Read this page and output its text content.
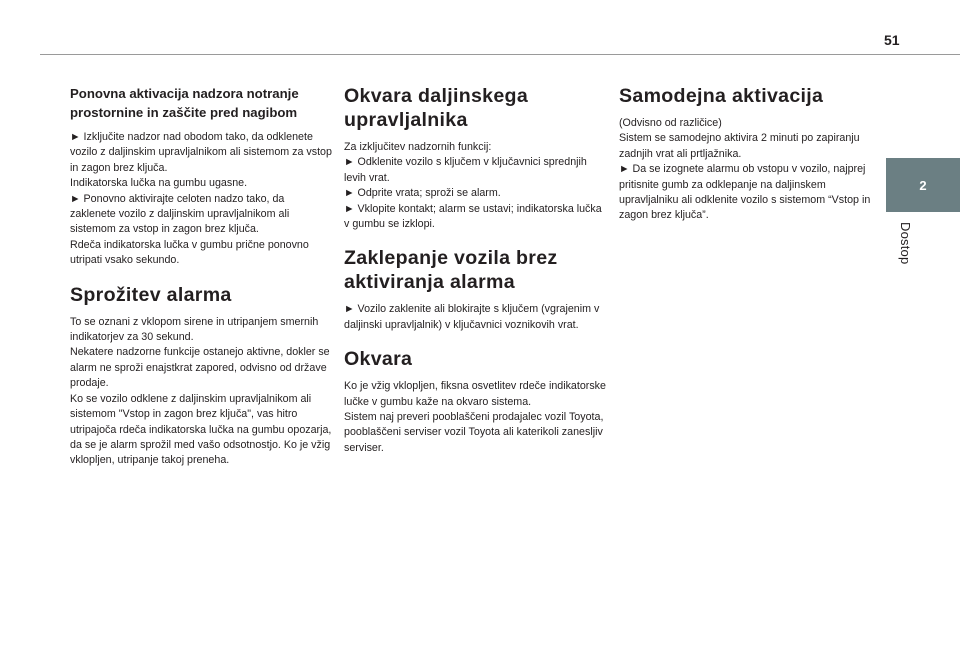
51
2
Dostop
Ponovna aktivacija nadzora notranje prostornine in zaščite pred nagibom

► Izključite nadzor nad obodom tako, da odklenete vozilo z daljinskim upravljalnikom ali sistemom za vstop in zagon brez ključa.

Indikatorska lučka na gumbu ugasne.

► Ponovno aktivirajte celoten nadzo tako, da zaklenete vozilo z daljinskim upravljalnikom ali sistemom za vstop in zagon brez ključa.

Rdeča indikatorska lučka v gumbu prične ponovno utripati vsako sekundo.

Sprožitev alarma

To se oznani z vklopom sirene in utripanjem smernih indikatorjev za 30 sekund.

Nekatere nadzorne funkcije ostanejo aktivne, dokler se alarm ne sproži enajstkrat zapored, odvisno od države prodaje.

Ko se vozilo odklene z daljinskim upravljalnikom ali sistemom "Vstop in zagon brez ključa", vas hitro utripajoča rdeča indikatorska lučka na gumbu opozarja, da se je alarm sprožil med vašo odsotnostjo. Ko je vžig vklopljen, utripanje takoj preneha.

Okvara daljinskega upravljalnika

Za izključitev nadzornih funkcij:

► Odklenite vozilo s ključem v ključavnici sprednjih levih vrat.

► Odprite vrata; sproži se alarm.

► Vklopite kontakt; alarm se ustavi; indikatorska lučka v gumbu se izklopi.

Zaklepanje vozila brez aktiviranja alarma

► Vozilo zaklenite ali blokirajte s ključem (vgrajenim v daljinski upravljalnik) v ključavnici voznikovih vrat.

Okvara

Ko je vžig vklopljen, fiksna osvetlitev rdeče indikatorske lučke v gumbu kaže na okvaro sistema.

Sistem naj preveri pooblaščeni prodajalec vozil Toyota, pooblaščeni serviser vozil Toyota ali katerikoli zanesljiv serviser.

Samodejna aktivacija

(Odvisno od različice)

Sistem se samodejno aktivira 2 minuti po zapiranju zadnjih vrat ali prtljažnika.

► Da se izognete alarmu ob vstopu v vozilo, najprej pritisnite gumb za odklepanje na daljinskem upravljalniku ali odklenite vozilo s sistemom “Vstop in zagon brez ključa”.
